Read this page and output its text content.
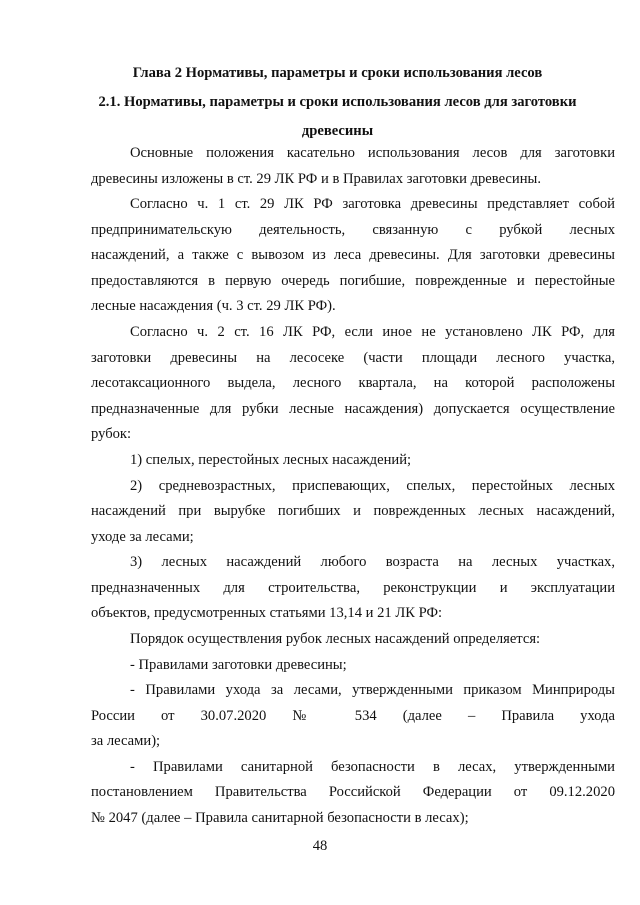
Глава 2 Нормативы, параметры и сроки использования лесов
2.1. Нормативы, параметры и сроки использования лесов для заготовки
древесины
Основные положения касательно использования лесов для заготовки
древесины изложены в ст. 29 ЛК РФ и в Правилах заготовки древесины.
Согласно ч. 1 ст. 29 ЛК РФ заготовка древесины представляет собой
предпринимательскую деятельность, связанную с рубкой лесных
насаждений, а также с вывозом из леса древесины. Для заготовки древесины
предоставляются в первую очередь погибшие, поврежденные и перестойные
лесные насаждения (ч. 3 ст. 29 ЛК РФ).
Согласно ч. 2 ст. 16 ЛК РФ, если иное не установлено ЛК РФ, для
заготовки древесины на лесосеке (части площади лесного участка,
лесотаксационного выдела, лесного квартала, на которой расположены
предназначенные для рубки лесные насаждения) допускается осуществление
рубок:
1) спелых, перестойных лесных насаждений;
2) средневозрастных, приспевающих, спелых, перестойных лесных
насаждений при вырубке погибших и поврежденных лесных насаждений,
уходе за лесами;
3) лесных насаждений любого возраста на лесных участках,
предназначенных для строительства, реконструкции и эксплуатации
объектов, предусмотренных статьями 13,14 и 21 ЛК РФ:
Порядок осуществления рубок лесных насаждений определяется:
- Правилами заготовки древесины;
- Правилами ухода за лесами, утвержденными приказом Минприроды
России от 30.07.2020 № 534 (далее – Правила ухода
за лесами);
48
- Правилами санитарной безопасности в лесах, утвержденными
постановлением Правительства Российской Федерации от 09.12.2020
№ 2047 (далее – Правила санитарной безопасности в лесах);
